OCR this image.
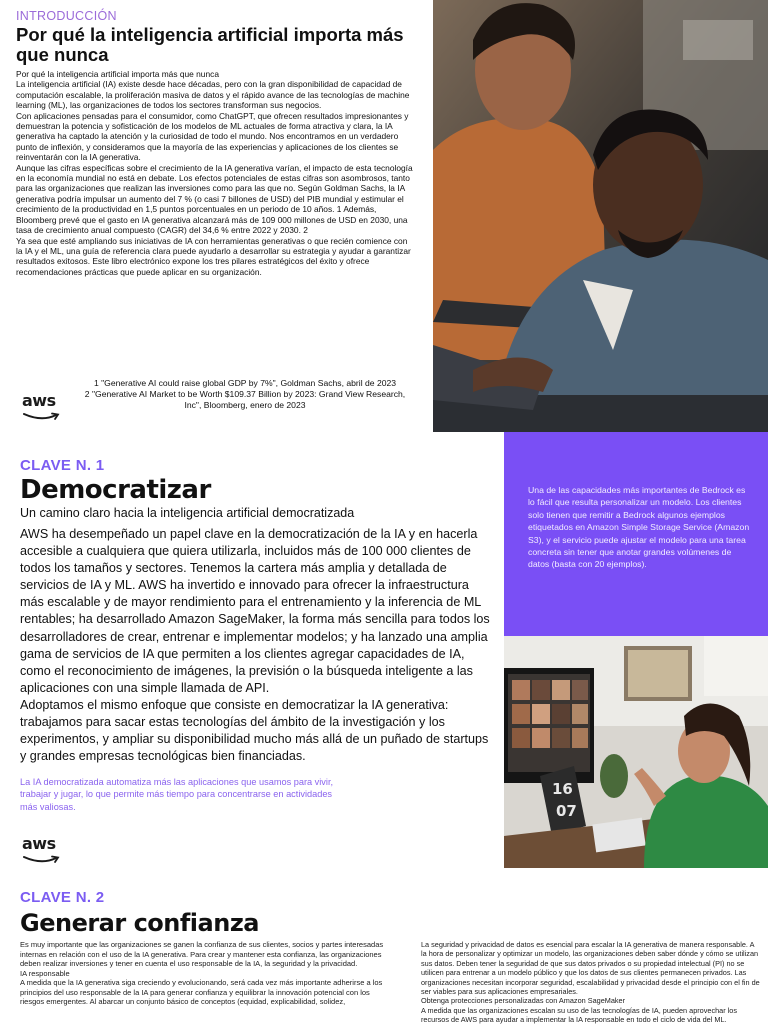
INTRODUCCIÓN
Por qué la inteligencia artificial importa más que nunca

Por qué la inteligencia artificial importa más que nunca

La inteligencia artificial (IA) existe desde hace décadas, pero con la gran disponibilidad de capacidad de computación escalable, la proliferación masiva de datos y el rápido avance de las tecnologías de machine learning (ML), las organizaciones de todos los sectores transforman sus negocios.

Con aplicaciones pensadas para el consumidor, como ChatGPT, que ofrecen resultados impresionantes y demuestran la potencia y sofisticación de los modelos de ML actuales de forma atractiva y clara, la IA generativa ha captado la atención y la curiosidad de todo el mundo. Nos encontramos en un verdadero punto de inflexión, y consideramos que la mayoría de las experiencias y aplicaciones de los clientes se reinventarán con la IA generativa.

Aunque las cifras específicas sobre el crecimiento de la IA generativa varían, el impacto de esta tecnología en la economía mundial no está en debate. Los efectos potenciales de estas cifras son asombrosos, tanto para las organizaciones que realizan las inversiones como para las que no. Según Goldman Sachs, la IA generativa podría impulsar un aumento del 7 % (o casi 7 billones de USD) del PIB mundial y estimular el crecimiento de la productividad en 1,5 puntos porcentuales en un periodo de 10 años. 1 Además, Bloomberg prevé que el gasto en IA generativa alcanzará más de 109 000 millones de USD en 2030, una tasa de crecimiento anual compuesto (CAGR) del 34,6 % entre 2022 y 2030. 2

Ya sea que esté ampliando sus iniciativas de IA con herramientas generativas o que recién comience con la IA y el ML, una guía de referencia clara puede ayudarlo a desarrollar su estrategia y ayudar a garantizar resultados exitosos. Este libro electrónico expone los tres pilares estratégicos del éxito y ofrece recomendaciones prácticas que puede aplicar en su organización.

1 "Generative AI could raise global GDP by 7%", Goldman Sachs, abril de 2023
2 "Generative AI Market to be Worth $109.37 Billion by 2023: Grand View Research, Inc", Bloomberg, enero de 2023
aws
CLAVE N. 1
Democratizar
Un camino claro hacia la inteligencia artificial democratizada

AWS ha desempeñado un papel clave en la democratización de la IA y en hacerla accesible a cualquiera que quiera utilizarla, incluidos más de 100 000 clientes de todos los tamaños y sectores. Tenemos la cartera más amplia y detallada de servicios de IA y ML. AWS ha invertido e innovado para ofrecer la infraestructura más escalable y de mayor rendimiento para el entrenamiento y la inferencia de ML rentables; ha desarrollado Amazon SageMaker, la forma más sencilla para todos los desarrolladores de crear, entrenar e implementar modelos; y ha lanzado una amplia gama de servicios de IA que permiten a los clientes agregar capacidades de IA, como el reconocimiento de imágenes, la previsión o la búsqueda inteligente a las aplicaciones con una simple llamada de API.

Adoptamos el mismo enfoque que consiste en democratizar la IA generativa: trabajamos para sacar estas tecnologías del ámbito de la investigación y los experimentos, y ampliar su disponibilidad mucho más allá de un puñado de startups y grandes empresas tecnológicas bien financiadas.

La IA democratizada automatiza más las aplicaciones que usamos para vivir, trabajar y jugar, lo que permite más tiempo para concentrarse en actividades más valiosas.
aws
Una de las capacidades más importantes de Bedrock es lo fácil que resulta personalizar un modelo. Los clientes solo tienen que remitir a Bedrock algunos ejemplos etiquetados en Amazon Simple Storage Service (Amazon S3), y el servicio puede ajustar el modelo para una tarea concreta sin tener que anotar grandes volúmenes de datos (basta con 20 ejemplos).
16
07
CLAVE N. 2
Generar confianza

Es muy importante que las organizaciones se ganen la confianza de sus clientes, socios y partes interesadas internas en relación con el uso de la IA generativa. Para crear y mantener esta confianza, las organizaciones deben realizar inversiones y tener en cuenta el uso responsable de la IA, la seguridad y la privacidad.

IA responsable

A medida que la IA generativa siga creciendo y evolucionando, será cada vez más importante adherirse a los principios del uso responsable de la IA para generar confianza y equilibrar la innovación potencial con los riesgos emergentes. Al abarcar un conjunto básico de conceptos (equidad, explicabilidad, solidez,

La seguridad y privacidad de datos es esencial para escalar la IA generativa de manera responsable. A la hora de personalizar y optimizar un modelo, las organizaciones deben saber dónde y cómo se utilizan sus datos. Deben tener la seguridad de que sus datos privados o su propiedad intelectual (PI) no se utilicen para entrenar a un modelo público y que los datos de sus clientes permanecen privados. Las organizaciones necesitan incorporar seguridad, escalabilidad y privacidad desde el principio con el fin de ser viables para sus aplicaciones empresariales.

Obtenga protecciones personalizadas con Amazon SageMaker

A medida que las organizaciones escalan su uso de las tecnologías de IA, pueden aprovechar los recursos de AWS para ayudar a implementar la IA responsable en todo el ciclo de vida del ML.
